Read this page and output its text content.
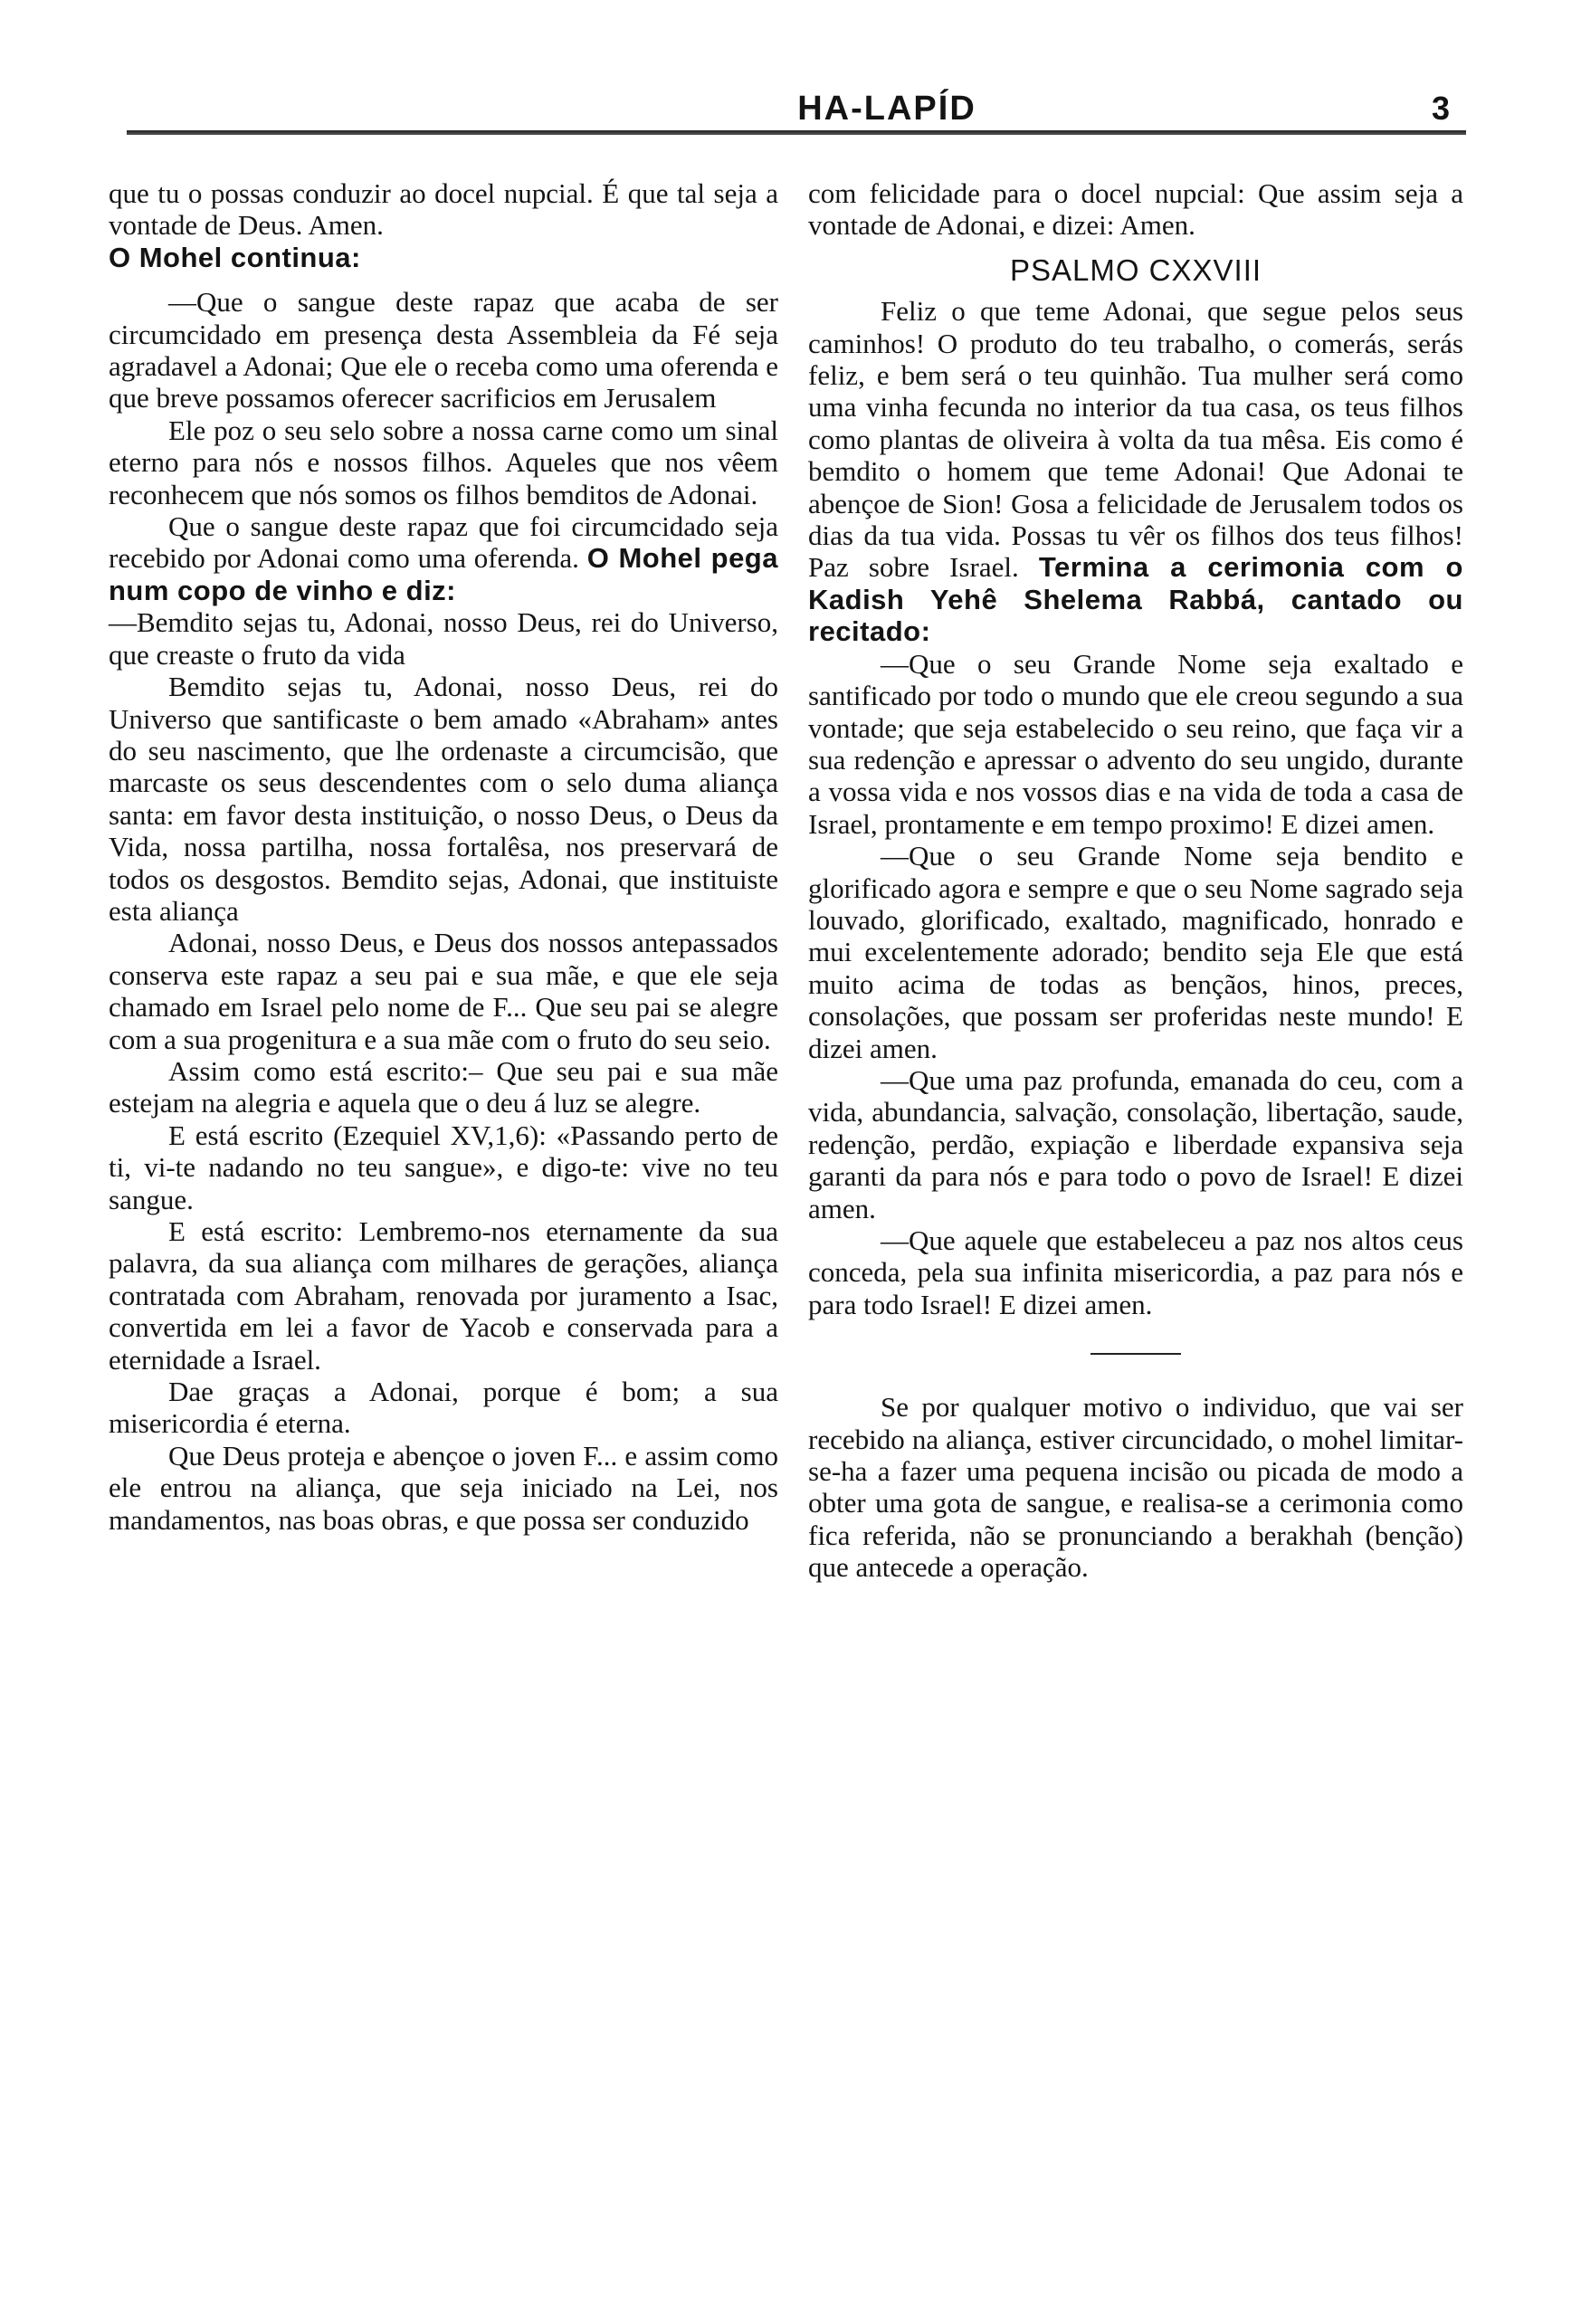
HA-LAPÍD	3

que tu o possas conduzir ao docel nupcial. É que tal seja a vontade de Deus. Amen.

O Mohel continua:

—Que o sangue deste rapaz que acaba de ser circumcidado em presença desta Assembleia da Fé seja agradavel a Adonai; Que ele o receba como uma oferenda e que breve possamos oferecer sacrificios em Jerusalem

Ele poz o seu selo sobre a nossa carne como um sinal eterno para nós e nossos filhos. Aqueles que nos vêem reconhecem que nós somos os filhos bemditos de Adonai.

Que o sangue deste rapaz que foi circumcidado seja recebido por Adonai como uma oferenda. O Mohel pega num copo de vinho e diz:

—Bemdito sejas tu, Adonai, nosso Deus, rei do Universo, que creaste o fruto da vida

Bemdito sejas tu, Adonai, nosso Deus, rei do Universo que santificaste o bem amado «Abraham» antes do seu nascimento, que lhe ordenaste a circumcisão, que marcaste os seus descendentes com o selo duma aliança santa: em favor desta instituição, o nosso Deus, o Deus da Vida, nossa partilha, nossa fortalêsa, nos preservará de todos os desgostos. Bemdito sejas, Adonai, que instituiste esta aliança

Adonai, nosso Deus, e Deus dos nossos antepassados conserva este rapaz a seu pai e sua mãe, e que ele seja chamado em Israel pelo nome de F... Que seu pai se alegre com a sua progenitura e a sua mãe com o fruto do seu seio.

Assim como está escrito:– Que seu pai e sua mãe estejam na alegria e aquela que o deu á luz se alegre.

E está escrito (Ezequiel XV,1,6): «Passando perto de ti, vi-te nadando no teu sangue», e digo-te: vive no teu sangue.

E está escrito: Lembremo-nos eternamente da sua palavra, da sua aliança com milhares de gerações, aliança contratada com Abraham, renovada por juramento a Isac, convertida em lei a favor de Yacob e conservada para a eternidade a Israel.

Dae graças a Adonai, porque é bom; a sua misericordia é eterna.

Que Deus proteja e abençoe o joven F... e assim como ele entrou na aliança, que seja iniciado na Lei, nos mandamentos, nas boas obras, e que possa ser conduzido

com felicidade para o docel nupcial: Que assim seja a vontade de Adonai, e dizei: Amen.

PSALMO CXXVIII

Feliz o que teme Adonai, que segue pelos seus caminhos! O produto do teu trabalho, o comerás, serás feliz, e bem será o teu quinhão. Tua mulher será como uma vinha fecunda no interior da tua casa, os teus filhos como plantas de oliveira à volta da tua mêsa. Eis como é bemdito o homem que teme Adonai! Que Adonai te abençoe de Sion! Gosa a felicidade de Jerusalem todos os dias da tua vida. Possas tu vêr os filhos dos teus filhos! Paz sobre Israel. Termina a cerimonia com o Kadish Yehê Shelema Rabbá, cantado ou recitado:

—Que o seu Grande Nome seja exaltado e santificado por todo o mundo que ele creou segundo a sua vontade; que seja estabelecido o seu reino, que faça vir a sua redenção e apressar o advento do seu ungido, durante a vossa vida e nos vossos dias e na vida de toda a casa de Israel, prontamente e em tempo proximo! E dizei amen.

—Que o seu Grande Nome seja bendito e glorificado agora e sempre e que o seu Nome sagrado seja louvado, glorificado, exaltado, magnificado, honrado e mui excelentemente adorado; bendito seja Ele que está muito acima de todas as bençãos, hinos, preces, consolações, que possam ser proferidas neste mundo! E dizei amen.

—Que uma paz profunda, emanada do ceu, com a vida, abundancia, salvação, consolação, libertação, saude, redenção, perdão, expiação e liberdade expansiva seja garanti da para nós e para todo o povo de Israel! E dizei amen.

—Que aquele que estabeleceu a paz nos altos ceus conceda, pela sua infinita misericordia, a paz para nós e para todo Israel! E dizei amen.

Se por qualquer motivo o individuo, que vai ser recebido na aliança, estiver circuncidado, o mohel limitar-se-ha a fazer uma pequena incisão ou picada de modo a obter uma gota de sangue, e realisa-se a cerimonia como fica referida, não se pronunciando a berakhah (benção) que antecede a operação.
